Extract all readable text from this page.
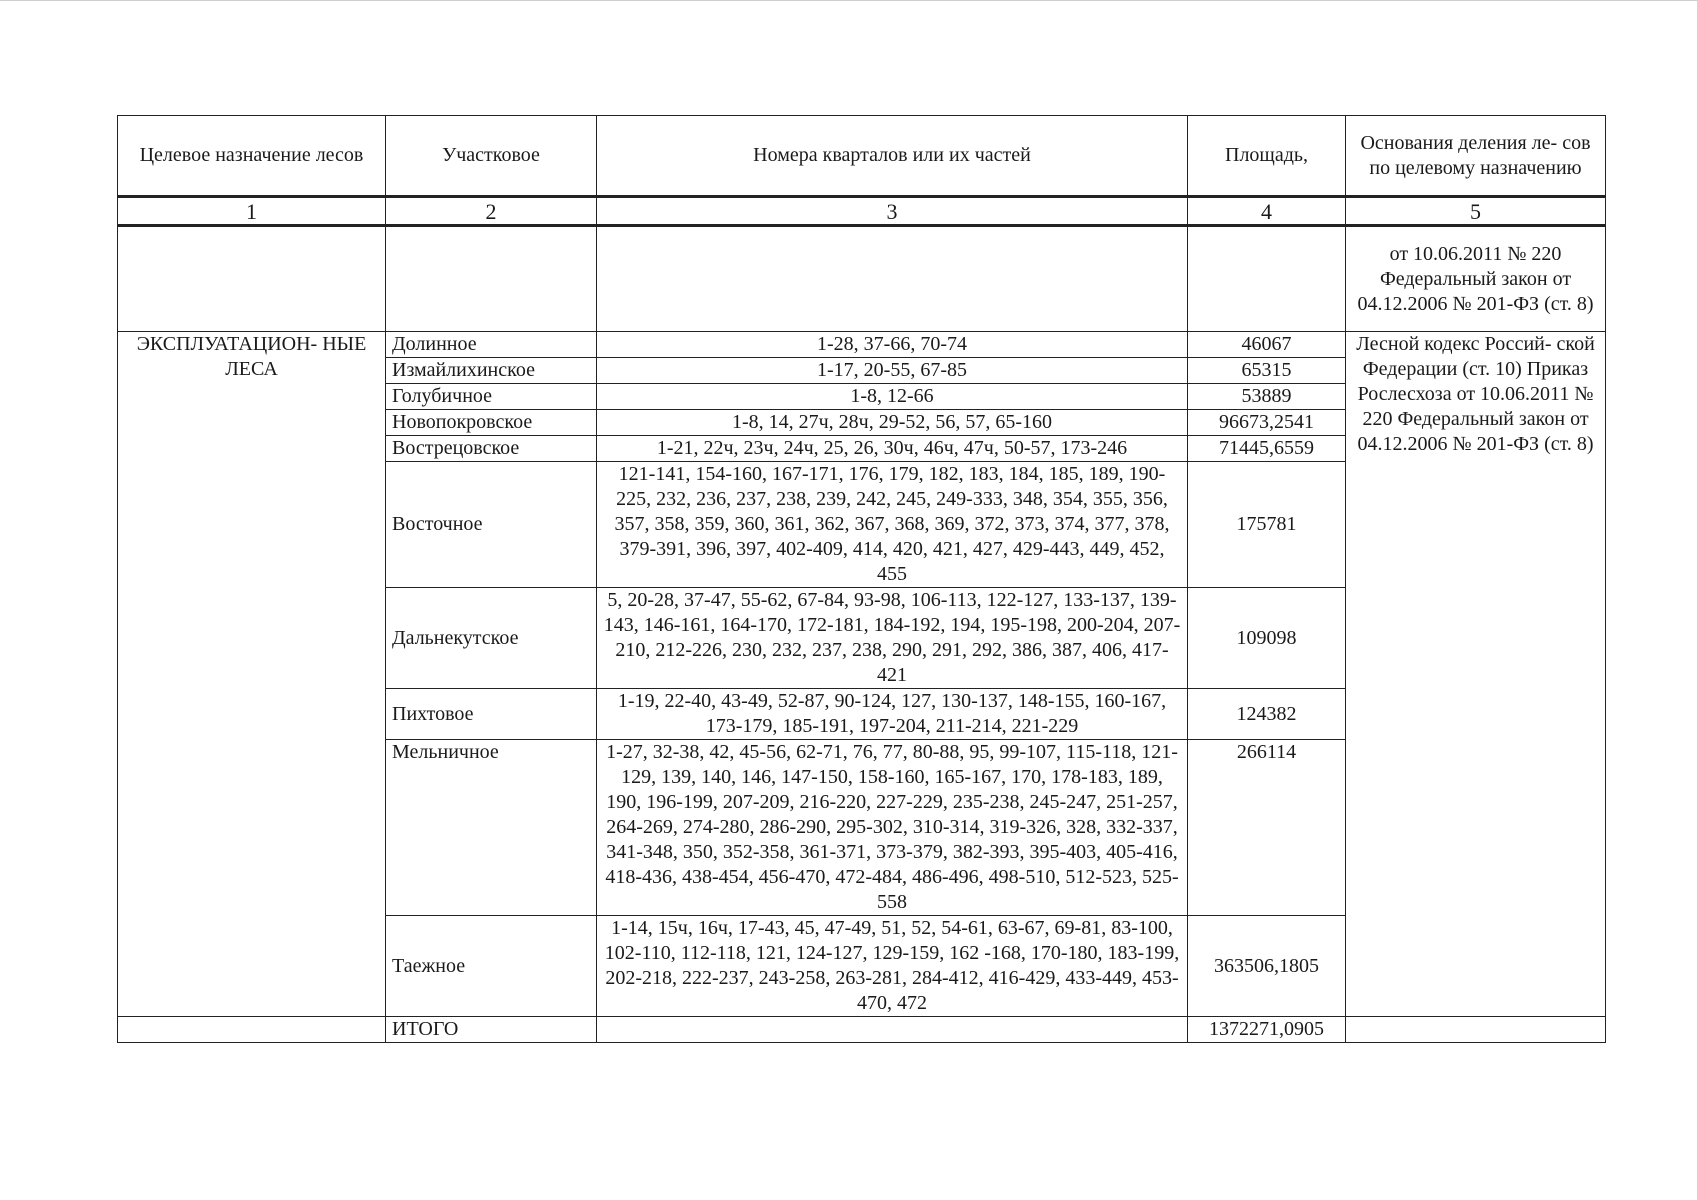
Целевое назначение лесов	Участковое	Номера кварталов или их частей	Площадь,	Основания деления ле- сов по целевому назначению
1	2	3	4	5
				от 10.06.2011 № 220 Федеральный закон от 04.12.2006 № 201-ФЗ (ст. 8)
ЭКСПЛУАТАЦИОН- НЫЕ ЛЕСА	Долинное	1-28, 37-66, 70-74	46067	Лесной кодекс Россий- ской Федерации (ст. 10) Приказ Рослесхоза от 10.06.2011 № 220 Федеральный закон от 04.12.2006 № 201-ФЗ (ст. 8)
	Измайлихинское	1-17, 20-55, 67-85	65315	
	Голубичное	1-8, 12-66	53889	
	Новопокровское	1-8, 14, 27ч, 28ч, 29-52, 56, 57, 65-160	96673,2541	
	Вострецовское	1-21, 22ч, 23ч, 24ч, 25, 26, 30ч, 46ч, 47ч, 50-57, 173-246	71445,6559	
	Восточное	121-141, 154-160, 167-171, 176, 179, 182, 183, 184, 185, 189, 190-225, 232, 236, 237, 238, 239, 242, 245, 249-333, 348, 354, 355, 356, 357, 358, 359, 360, 361, 362, 367, 368, 369, 372, 373, 374, 377, 378, 379-391, 396, 397, 402-409, 414, 420, 421, 427, 429-443, 449, 452, 455	175781	
	Дальнекутское	5, 20-28, 37-47, 55-62, 67-84, 93-98, 106-113, 122-127, 133-137, 139-143, 146-161, 164-170, 172-181, 184-192, 194, 195-198, 200-204, 207-210, 212-226, 230, 232, 237, 238, 290, 291, 292, 386, 387, 406, 417-421	109098	
	Пихтовое	1-19, 22-40, 43-49, 52-87, 90-124, 127, 130-137, 148-155, 160-167, 173-179, 185-191, 197-204, 211-214, 221-229	124382	
	Мельничное	1-27, 32-38, 42, 45-56, 62-71, 76, 77, 80-88, 95, 99-107, 115-118, 121-129, 139, 140, 146, 147-150, 158-160, 165-167, 170, 178-183, 189, 190, 196-199, 207-209, 216-220, 227-229, 235-238, 245-247, 251-257, 264-269, 274-280, 286-290, 295-302, 310-314, 319-326, 328, 332-337, 341-348, 350, 352-358, 361-371, 373-379, 382-393, 395-403, 405-416, 418-436, 438-454, 456-470, 472-484, 486-496, 498-510, 512-523, 525-558	266114	
	Таежное	1-14, 15ч, 16ч, 17-43, 45, 47-49, 51, 52, 54-61, 63-67, 69-81, 83-100, 102-110, 112-118, 121, 124-127, 129-159, 162 -168, 170-180, 183-199, 202-218, 222-237, 243-258, 263-281, 284-412, 416-429, 433-449, 453-470, 472	363506,1805	
	ИТОГО		1372271,0905	
